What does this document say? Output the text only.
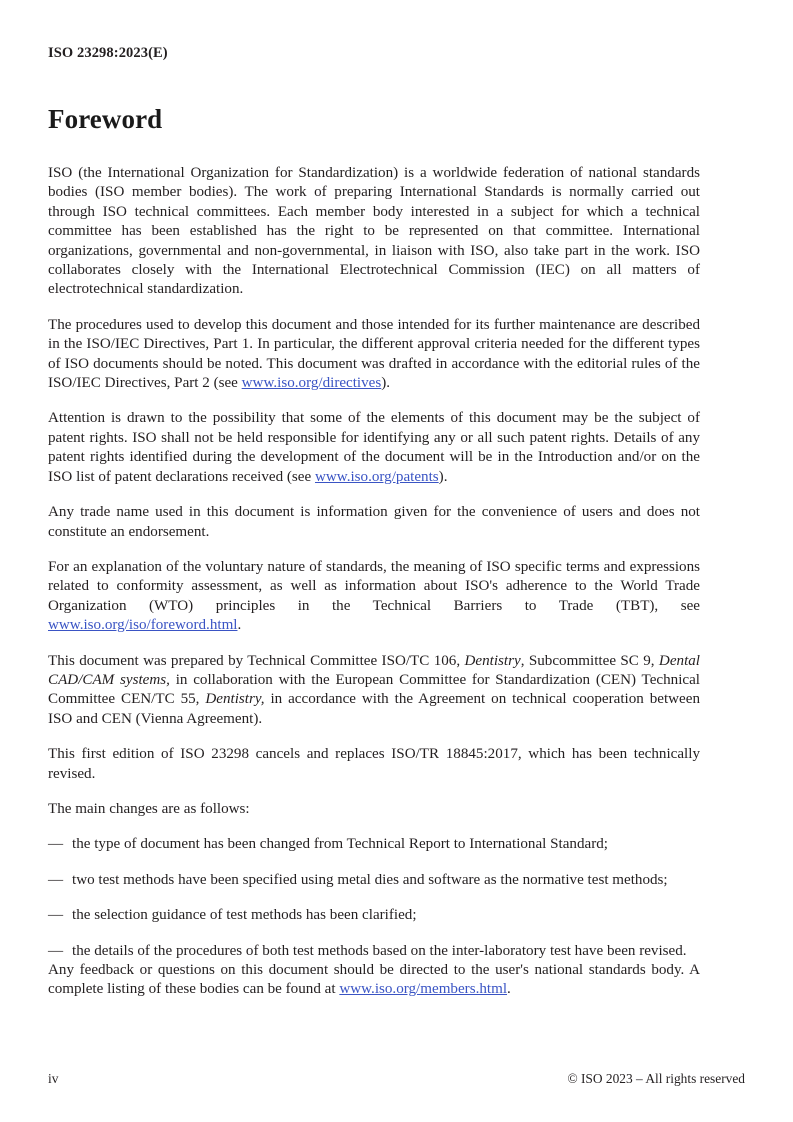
ISO 23298:2023(E)
Foreword

ISO (the International Organization for Standardization) is a worldwide federation of national standards bodies (ISO member bodies). The work of preparing International Standards is normally carried out through ISO technical committees. Each member body interested in a subject for which a technical committee has been established has the right to be represented on that committee. International organizations, governmental and non-governmental, in liaison with ISO, also take part in the work. ISO collaborates closely with the International Electrotechnical Commission (IEC) on all matters of electrotechnical standardization.

The procedures used to develop this document and those intended for its further maintenance are described in the ISO/IEC Directives, Part 1. In particular, the different approval criteria needed for the different types of ISO documents should be noted. This document was drafted in accordance with the editorial rules of the ISO/IEC Directives, Part 2 (see www.iso.org/directives).

Attention is drawn to the possibility that some of the elements of this document may be the subject of patent rights. ISO shall not be held responsible for identifying any or all such patent rights. Details of any patent rights identified during the development of the document will be in the Introduction and/or on the ISO list of patent declarations received (see www.iso.org/patents).

Any trade name used in this document is information given for the convenience of users and does not constitute an endorsement.

For an explanation of the voluntary nature of standards, the meaning of ISO specific terms and expressions related to conformity assessment, as well as information about ISO's adherence to the World Trade Organization (WTO) principles in the Technical Barriers to Trade (TBT), see www.iso.org/iso/foreword.html.

This document was prepared by Technical Committee ISO/TC 106, Dentistry, Subcommittee SC 9, Dental CAD/CAM systems, in collaboration with the European Committee for Standardization (CEN) Technical Committee CEN/TC 55, Dentistry, in accordance with the Agreement on technical cooperation between ISO and CEN (Vienna Agreement).

This first edition of ISO 23298 cancels and replaces ISO/TR 18845:2017, which has been technically revised.

The main changes are as follows:

— the type of document has been changed from Technical Report to International Standard;
— two test methods have been specified using metal dies and software as the normative test methods;
— the selection guidance of test methods has been clarified;
— the details of the procedures of both test methods based on the inter-laboratory test have been revised.

Any feedback or questions on this document should be directed to the user's national standards body. A complete listing of these bodies can be found at www.iso.org/members.html.

iv	© ISO 2023 – All rights reserved
